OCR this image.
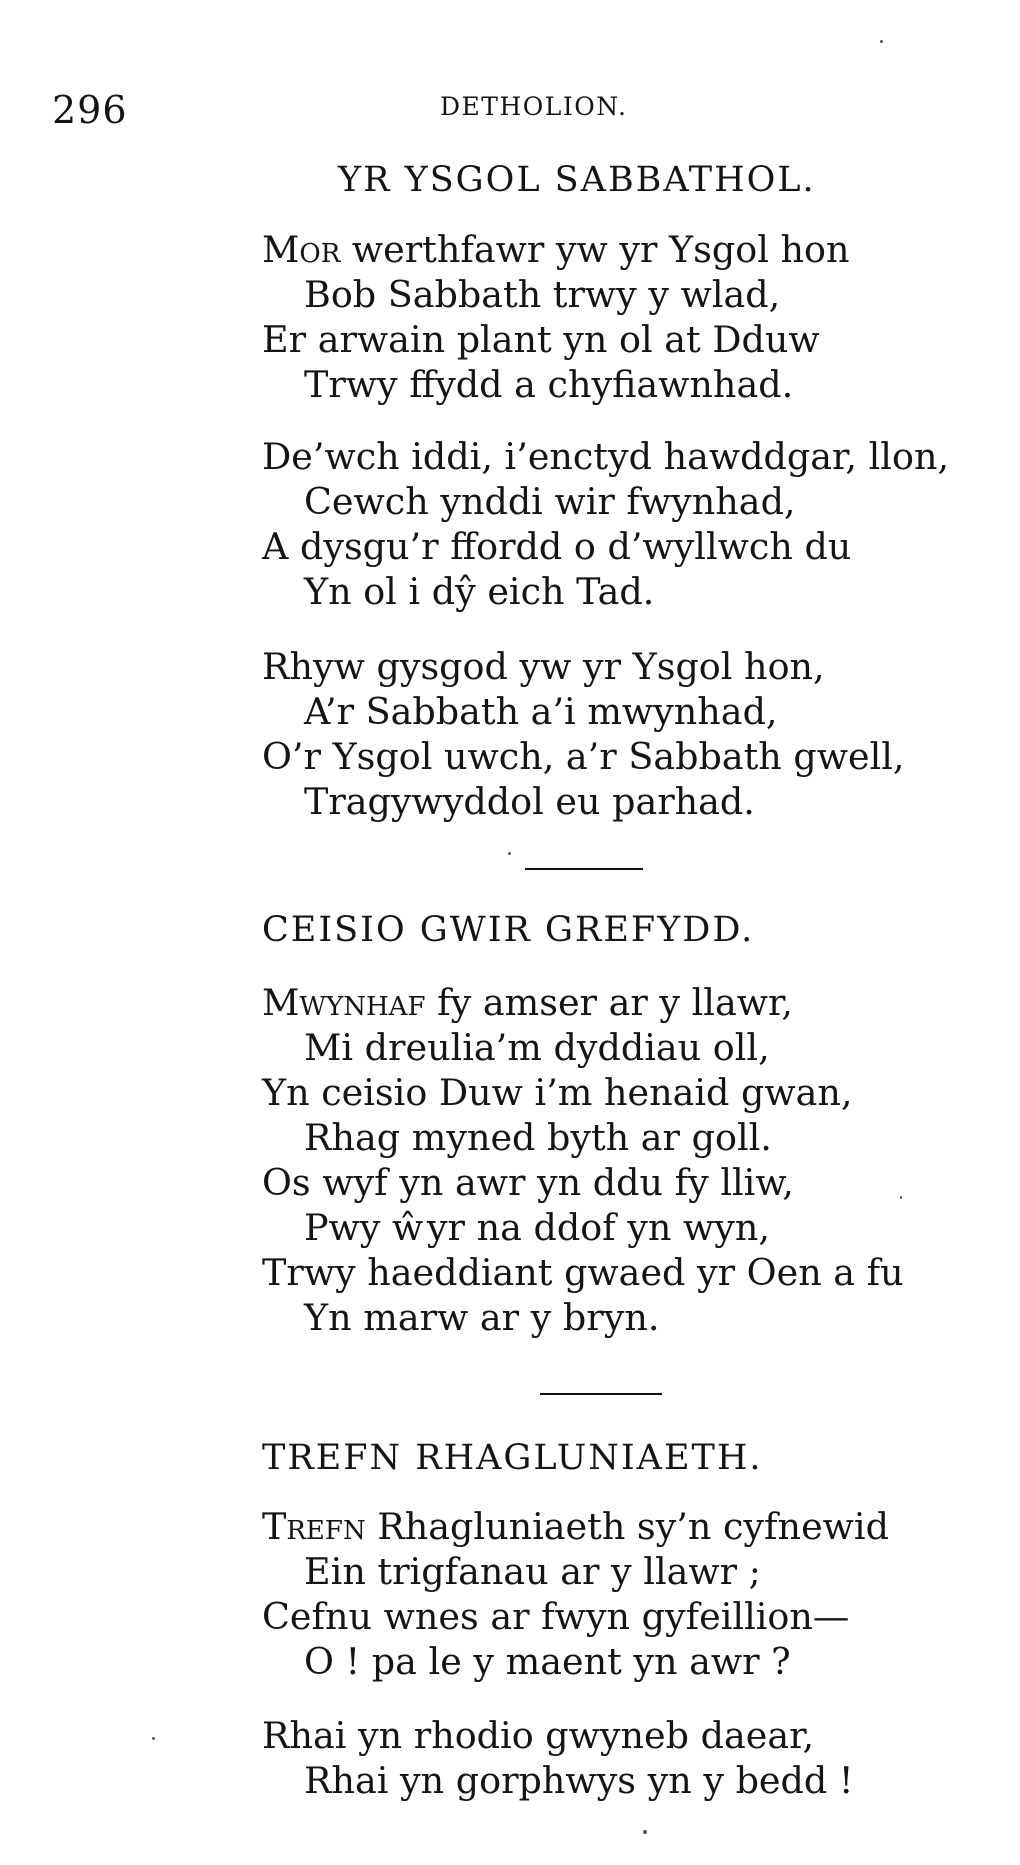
296	DETHOLION.
YR YSGOL SABBATHOL.
Mor werthfawr yw yr Ysgol hon
Bob Sabbath trwy y wlad,
Er arwain plant yn ol at Dduw
Trwy ffydd a chyfiawnhad.
De’wch iddi, i’enctyd hawddgar, llon,
Cewch ynddi wir fwynhad,
A dysgu’r ffordd o d’wyllwch du
Yn ol i dŷ eich Tad.
Rhyw gysgod yw yr Ysgol hon,
A’r Sabbath a’i mwynhad,
O’r Ysgol uwch, a’r Sabbath gwell,
Tragywyddol eu parhad.
CEISIO GWIR GREFYDD.
Mwynhaf fy amser ar y llawr,
Mi dreulia’m dyddiau oll,
Yn ceisio Duw i’m henaid gwan,
Rhag myned byth ar goll.
Os wyf yn awr yn ddu fy lliw,
Pwy ŵyr na ddof yn wyn,
Trwy haeddiant gwaed yr Oen a fu
Yn marw ar y bryn.
TREFN RHAGLUNIAETH.
Trefn Rhagluniaeth sy’n cyfnewid
Ein trigfanau ar y llawr ;
Cefnu wnes ar fwyn gyfeillion—
O ! pa le y maent yn awr ?
Rhai yn rhodio gwyneb daear,
Rhai yn gorphwys yn y bedd !
